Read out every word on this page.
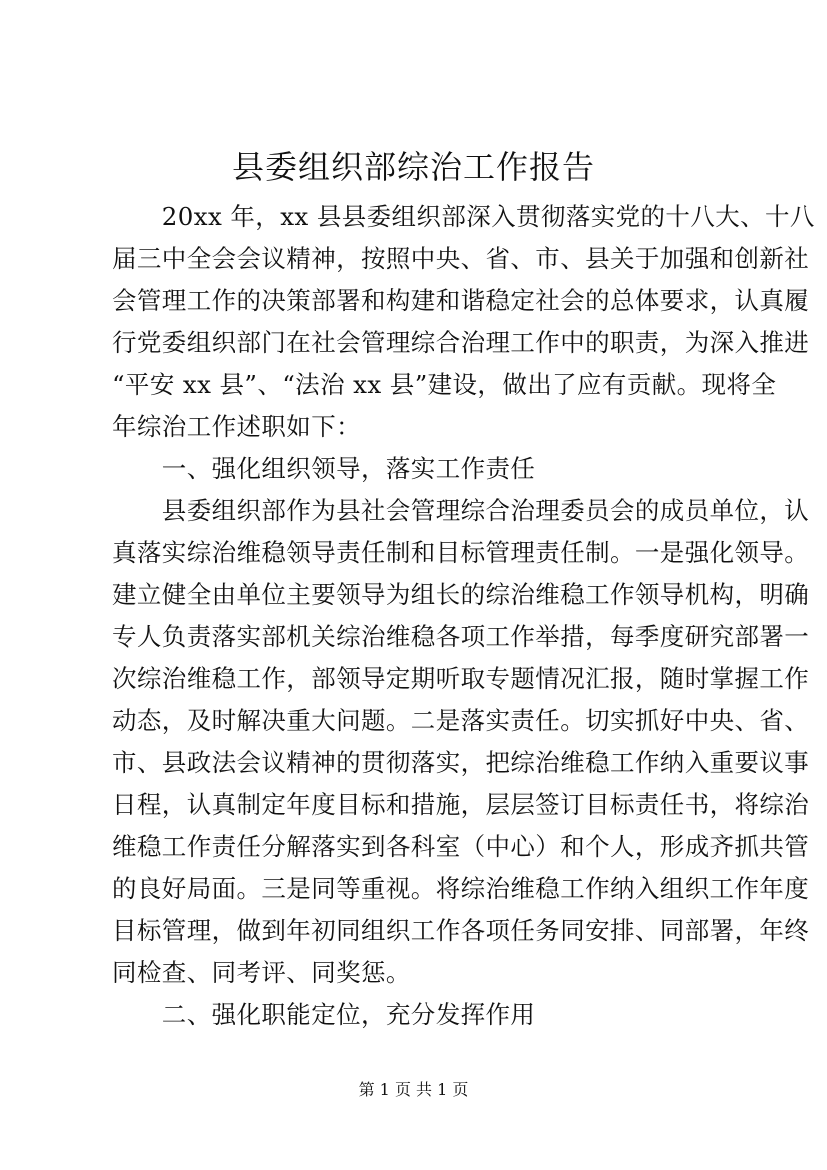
县委组织部综治工作报告
　　20xx 年，xx 县县委组织部深入贯彻落实党的十八大、十八
届三中全会会议精神，按照中央、省、市、县关于加强和创新社
会管理工作的决策部署和构建和谐稳定社会的总体要求，认真履
行党委组织部门在社会管理综合治理工作中的职责，为深入推进
“平安 xx 县”、“法治 xx 县”建设，做出了应有贡献。现将全
年综治工作述职如下：
　　一、强化组织领导，落实工作责任
　　县委组织部作为县社会管理综合治理委员会的成员单位，认
真落实综治维稳领导责任制和目标管理责任制。一是强化领导。
建立健全由单位主要领导为组长的综治维稳工作领导机构，明确
专人负责落实部机关综治维稳各项工作举措，每季度研究部署一
次综治维稳工作，部领导定期听取专题情况汇报，随时掌握工作
动态，及时解决重大问题。二是落实责任。切实抓好中央、省、
市、县政法会议精神的贯彻落实，把综治维稳工作纳入重要议事
日程，认真制定年度目标和措施，层层签订目标责任书，将综治
维稳工作责任分解落实到各科室（中心）和个人，形成齐抓共管
的良好局面。三是同等重视。将综治维稳工作纳入组织工作年度
目标管理，做到年初同组织工作各项任务同安排、同部署，年终
同检查、同考评、同奖惩。
　　二、强化职能定位，充分发挥作用
第 1 页 共 1 页
